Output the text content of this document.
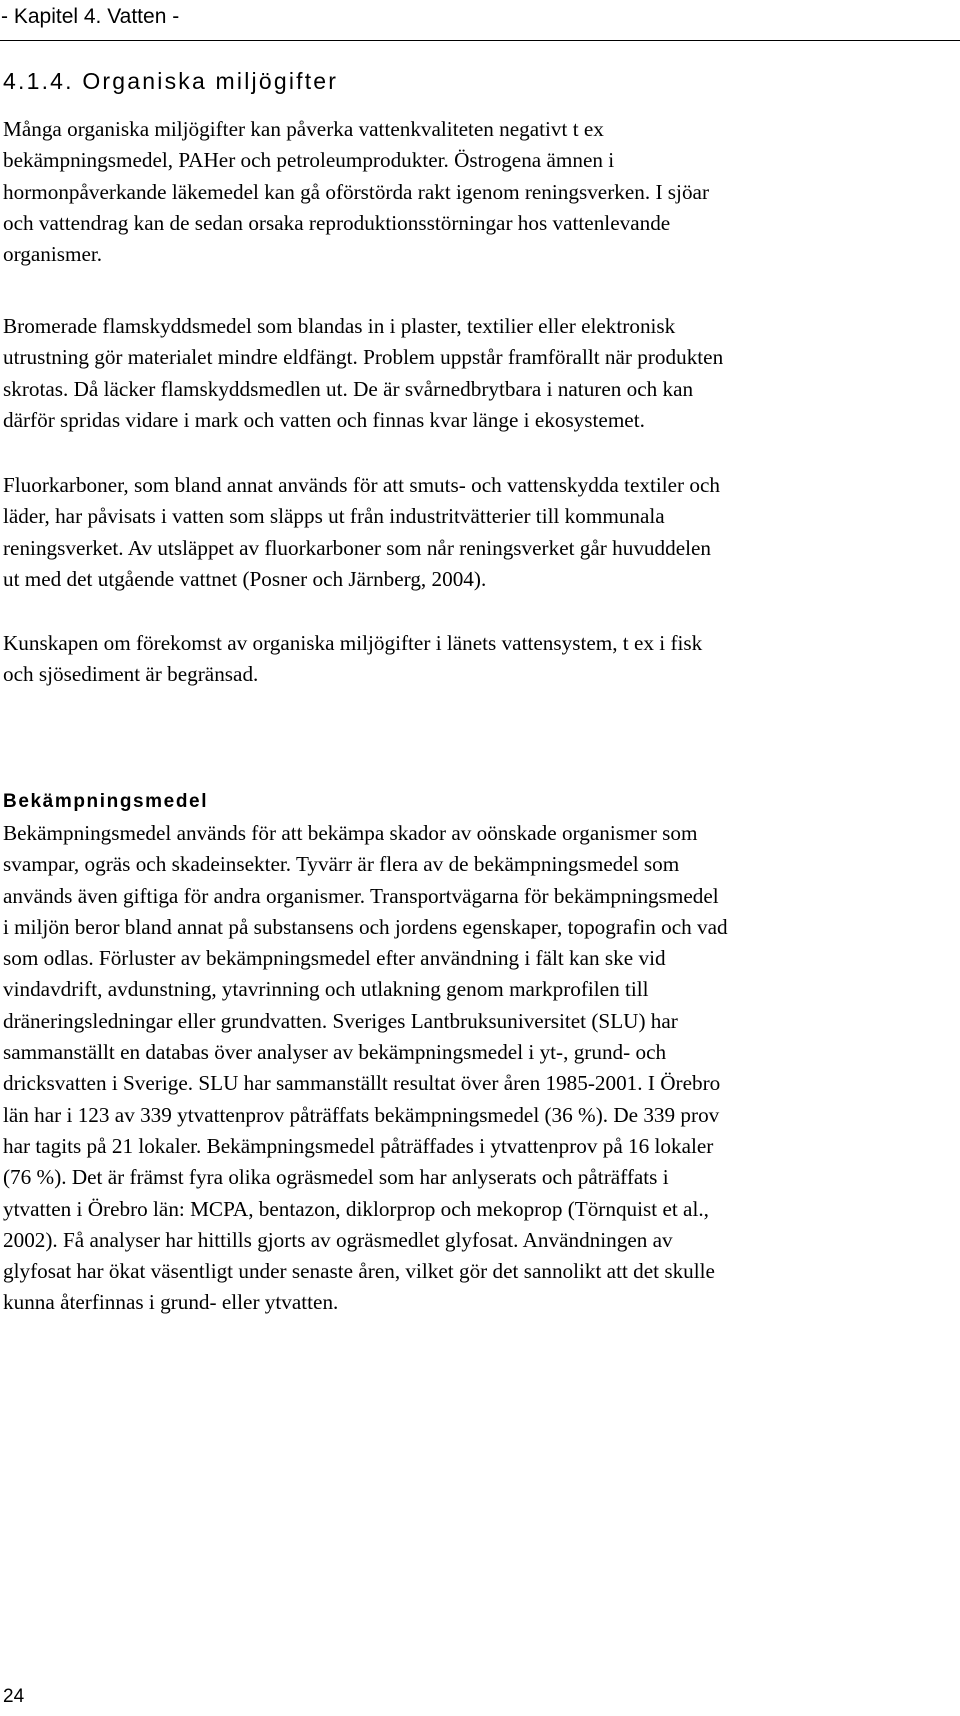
- Kapitel 4. Vatten -
4.1.4. Organiska miljögifter

Många organiska miljögifter kan påverka vattenkvaliteten negativt t ex
bekämpningsmedel, PAHer och petroleumprodukter. Östrogena ämnen i
hormonpåverkande läkemedel kan gå oförstörda rakt igenom reningsverken. I sjöar
och vattendrag kan de sedan orsaka reproduktionsstörningar hos vattenlevande
organismer.

Bromerade flamskyddsmedel som blandas in i plaster, textilier eller elektronisk
utrustning gör materialet mindre eldfängt. Problem uppstår framförallt när produkten
skrotas. Då läcker flamskyddsmedlen ut. De är svårnedbrytbara i naturen och kan
därför spridas vidare i mark och vatten och finnas kvar länge i ekosystemet.

Fluorkarboner, som bland annat används för att smuts- och vattenskydda textiler och
läder, har påvisats i vatten som släpps ut från industritvätterier till kommunala
reningsverket. Av utsläppet av fluorkarboner som når reningsverket går huvuddelen
ut med det utgående vattnet (Posner och Järnberg, 2004).

Kunskapen om förekomst av organiska miljögifter i länets vattensystem, t ex i fisk
och sjösediment är begränsad.

Bekämpningsmedel

Bekämpningsmedel används för att bekämpa skador av oönskade organismer som
svampar, ogräs och skadeinsekter. Tyvärr är flera av de bekämpningsmedel som
används även giftiga för andra organismer. Transportvägarna för bekämpningsmedel
i miljön beror bland annat på substansens och jordens egenskaper, topografin och vad
som odlas. Förluster av bekämpningsmedel efter användning i fält kan ske vid
vindavdrift, avdunstning, ytavrinning och utlakning genom markprofilen till
dräneringsledningar eller grundvatten. Sveriges Lantbruksuniversitet (SLU) har
sammanställt en databas över analyser av bekämpningsmedel i yt-, grund- och
dricksvatten i Sverige. SLU har sammanställt resultat över åren 1985-2001. I Örebro
län har i 123 av 339 ytvattenprov påträffats bekämpningsmedel (36 %). De 339 prov
har tagits på 21 lokaler. Bekämpningsmedel påträffades i ytvattenprov på 16 lokaler
(76 %). Det är främst fyra olika ogräsmedel som har anlyserats och påträffats i
ytvatten i Örebro län: MCPA, bentazon, diklorprop och mekoprop (Törnquist et al.,
2002). Få analyser har hittills gjorts av ogräsmedlet glyfosat. Användningen av
glyfosat har ökat väsentligt under senaste åren, vilket gör det sannolikt att det skulle
kunna återfinnas i grund- eller ytvatten.

24
